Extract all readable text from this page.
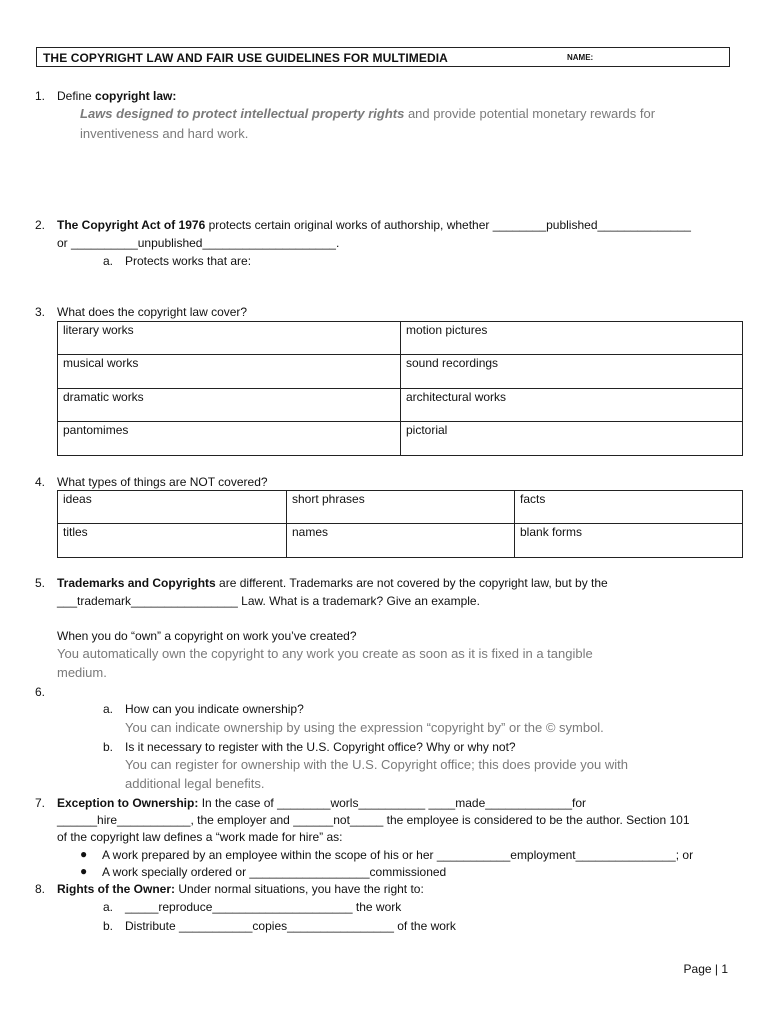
THE COPYRIGHT LAW AND FAIR USE GUIDELINES FOR MULTIMEDIA	NAME:
1. Define copyright law:
Laws designed to protect intellectual property rights and provide potential monetary rewards for
inventiveness and hard work.
2. The Copyright Act of 1976 protects certain original works of authorship, whether ________published______________
or __________unpublished____________________.
a. Protects works that are:
3. What does the copyright law cover?
literary works	motion pictures
musical works	sound recordings
dramatic works	architectural works
pantomimes	pictorial
4. What types of things are NOT covered?
ideas	short phrases	facts
titles	names	blank forms
5. Trademarks and Copyrights are different. Trademarks are not covered by the copyright law, but by the
___trademark________________ Law. What is a trademark? Give an example.
When you do “own” a copyright on work you’ve created?
You automatically own the copyright to any work you create as soon as it is fixed in a tangible
medium.
6.
a. How can you indicate ownership?
You can indicate ownership by using the expression “copyright by” or the © symbol.
b. Is it necessary to register with the U.S. Copyright office? Why or why not?
You can register for ownership with the U.S. Copyright office; this does provide you with
additional legal benefits.
7. Exception to Ownership: In the case of ________worls__________ ____made_____________for
______hire___________, the employer and ______not_____ the employee is considered to be the author. Section 101
of the copyright law defines a “work made for hire” as:
● A work prepared by an employee within the scope of his or her ___________employment_______________; or
● A work specially ordered or __________________commissioned
8. Rights of the Owner: Under normal situations, you have the right to:
a. _____reproduce_____________________ the work
b. Distribute ___________copies________________ of the work
Page | 1
